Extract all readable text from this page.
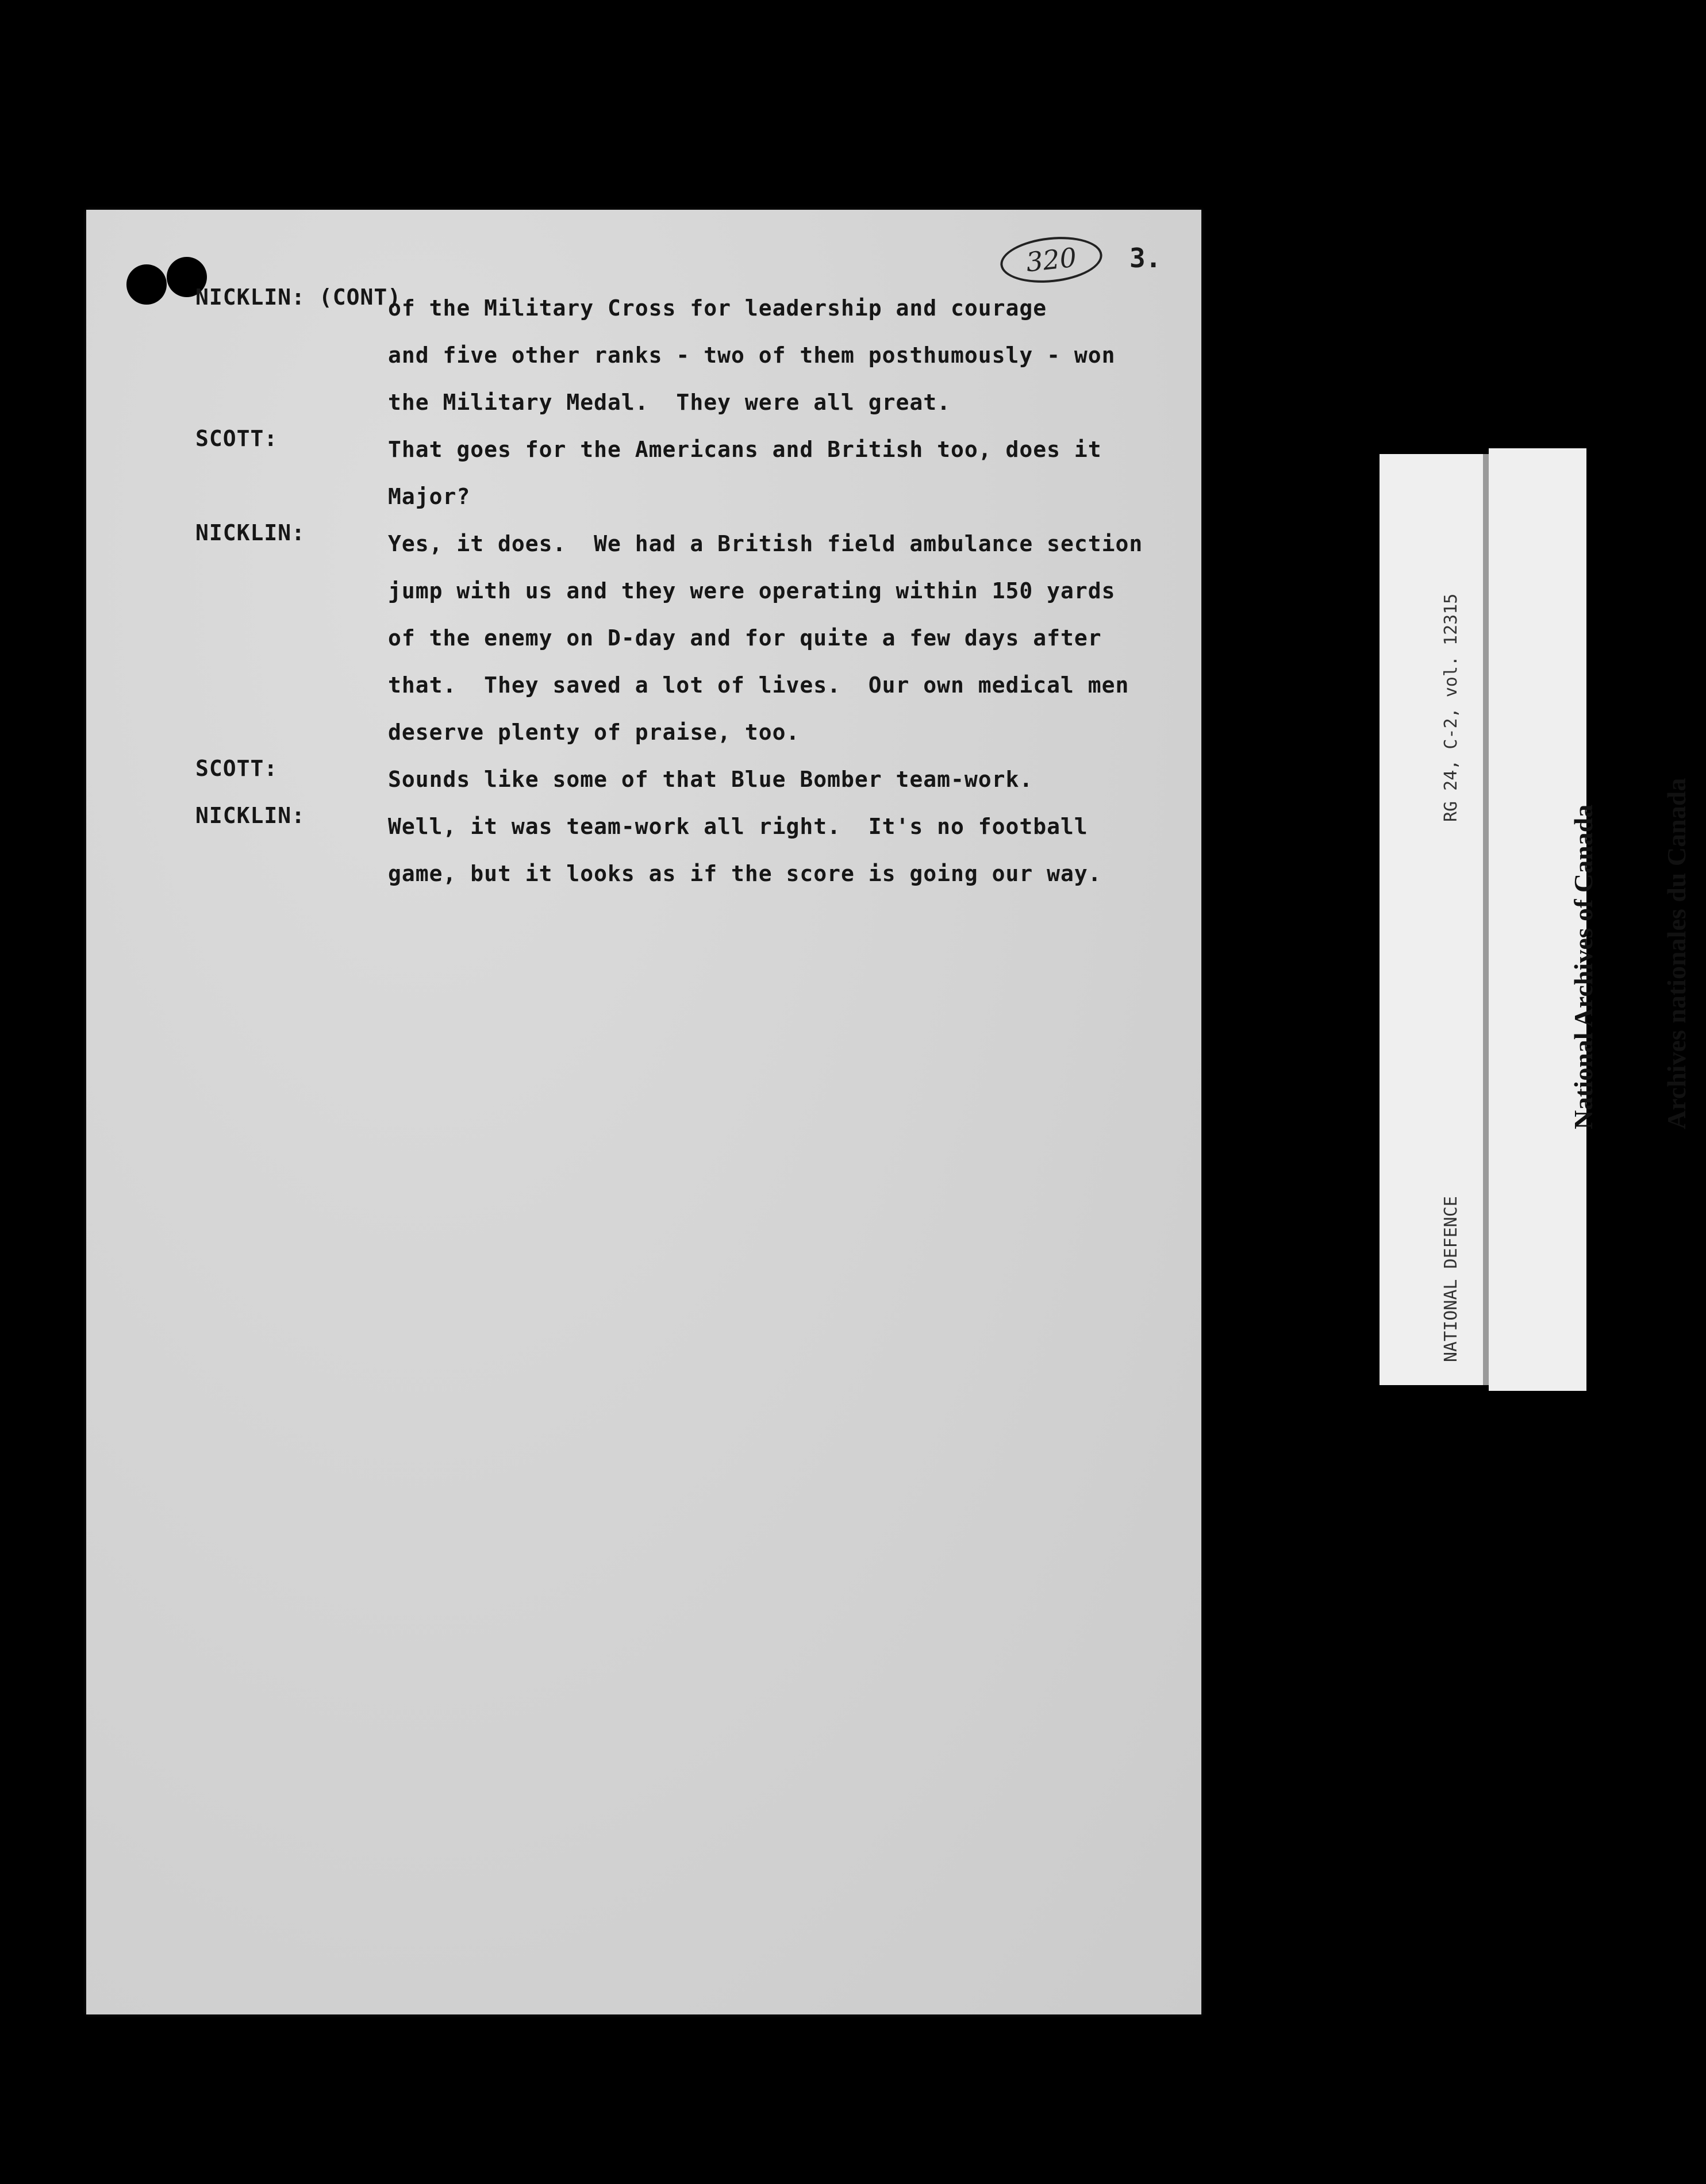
320	3.
NICKLIN: (CONT)
of the Military Cross for leadership and courage
and five other ranks - two of them posthumously - won
the Military Medal.  They were all great.
SCOTT:	That goes for the Americans and British too, does it
Major?
NICKLIN:	Yes, it does.  We had a British field ambulance section
jump with us and they were operating within 150 yards
of the enemy on D-day and for quite a few days after
that.  They saved a lot of lives.  Our own medical men
deserve plenty of praise, too.
SCOTT:	Sounds like some of that Blue Bomber team-work.
NICKLIN:	Well, it was team-work all right.  It's no football
game, but it looks as if the score is going our way.

RG 24, C-2, vol. 12315

NATIONAL DEFENCE

National Archives of Canada

Archives nationales du Canada
